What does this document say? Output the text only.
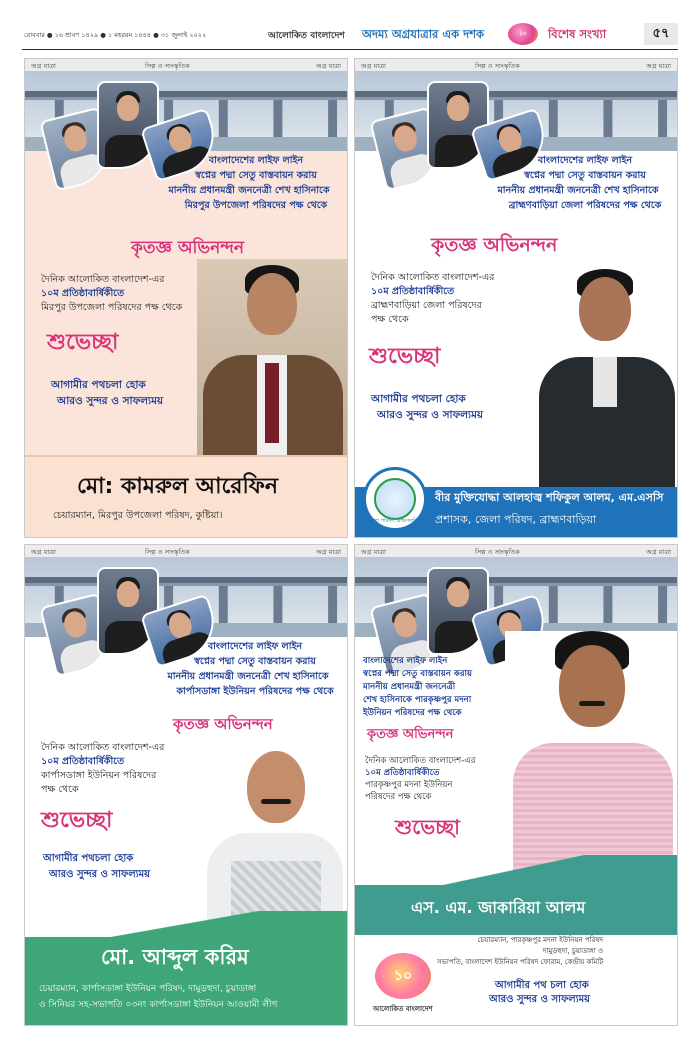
রোববার ● ১৬ শ্রাবণ ১৪২৯ ● ১ মহররম ১৪৪৪ ● ৩১ জুলাই ২০২২	আলোকিত বাংলাদেশ অদম্য অগ্রযাত্রার এক দশক	১০	বিশেষ সংখ্যা	৫৭
অগ্র যাত্রা	সিল্প ও সাংস্কৃতিক	অগ্র যাত্রা
বাংলাদেশের লাইফ লাইন
স্বপ্নের পদ্মা সেতু বাস্তবায়ন করায়
মাননীয় প্রধানমন্ত্রী জননেত্রী শেখ হাসিনাকে
মিরপুর উপজেলা পরিষদের পক্ষ থেকে
কৃতজ্ঞ অভিনন্দন
দৈনিক আলোকিত বাংলাদেশ-এর
১০ম প্রতিষ্ঠাবার্ষিকীতে
মিরপুর উপজেলা পরিষদের পক্ষ থেকে
শুভেচ্ছা
আগামীর পথচলা হোক
আরও সুন্দর ও সাফল্যময়
মো: কামরুল আরেফিন
চেয়ারম্যান, মিরপুর উপজেলা পরিষদ, কুষ্টিয়া।
অগ্র যাত্রা	সিল্প ও সাংস্কৃতিক	অগ্র যাত্রা
বাংলাদেশের লাইফ লাইন
স্বপ্নের পদ্মা সেতু বাস্তবায়ন করায়
মাননীয় প্রধানমন্ত্রী জননেত্রী শেখ হাসিনাকে
ব্রাহ্মণবাড়িয়া জেলা পরিষদের পক্ষ থেকে
কৃতজ্ঞ অভিনন্দন
দৈনিক আলোকিত বাংলাদেশ-এর
১০ম প্রতিষ্ঠাবার্ষিকীতে
ব্রাহ্মণবাড়িয়া জেলা পরিষদের
পক্ষ থেকে
শুভেচ্ছা
আগামীর পথচলা হোক
আরও সুন্দর ও সাফল্যময়
জেলা পরিষদ, ব্রাহ্মণবাড়িয়া
বীর মুক্তিযোদ্ধা আলহাজ্ব শফিকুল আলম, এম.এসসি
প্রশাসক, জেলা পরিষদ, ব্রাহ্মণবাড়িয়া
অগ্র যাত্রা	সিল্প ও সাংস্কৃতিক	অগ্র যাত্রা
বাংলাদেশের লাইফ লাইন
স্বপ্নের পদ্মা সেতু বাস্তবায়ন করায়
মাননীয় প্রধানমন্ত্রী জননেত্রী শেখ হাসিনাকে
কার্পাসডাঙ্গা ইউনিয়ন পরিষদের পক্ষ থেকে
কৃতজ্ঞ অভিনন্দন
দৈনিক আলোকিত বাংলাদেশ-এর
১০ম প্রতিষ্ঠাবার্ষিকীতে
কার্পাসডাঙ্গা ইউনিয়ন পরিষদের
পক্ষ থেকে
শুভেচ্ছা
আগামীর পথচলা হোক
আরও সুন্দর ও সাফল্যময়
মো. আব্দুল করিম
চেয়ারম্যান, কার্পাসডাঙ্গা ইউনিয়ন পরিষদ, দামুড়হুদা, চুয়াডাঙ্গা
ও সিনিয়র সহ-সভাপতি ০৩নং কার্পাসডাঙ্গা ইউনিয়ন আওয়ামী লীগ
অগ্র যাত্রা	সিল্প ও সাংস্কৃতিক	অগ্র যাত্রা
বাংলাদেশের লাইফ লাইন
স্বপ্নের পদ্মা সেতু বাস্তবায়ন করায়
মাননীয় প্রধানমন্ত্রী জননেত্রী
শেখ হাসিনাকে পারকৃষ্ণপুর মদনা
ইউনিয়ন পরিষদের পক্ষ থেকে
কৃতজ্ঞ অভিনন্দন
দৈনিক আলোকিত বাংলাদেশ-এর
১০ম প্রতিষ্ঠাবার্ষিকীতে
পারকৃষ্ণপুর মদনা ইউনিয়ন
পরিষদের পক্ষ থেকে
শুভেচ্ছা
এস. এম. জাকারিয়া আলম
চেয়ারম্যান, পারকৃষ্ণপুর মদনা ইউনিয়ন পরিষদ
দামুড়হুদা, চুয়াডাঙ্গা ও
সভাপতি, বাংলাদেশ ইউনিয়ন পরিষদ ফোরাম, কেন্দ্রীয় কমিটি
১০
আলোকিত বাংলাদেশ
আগামীর পথ চলা হোক
আরও সুন্দর ও সাফল্যময়
